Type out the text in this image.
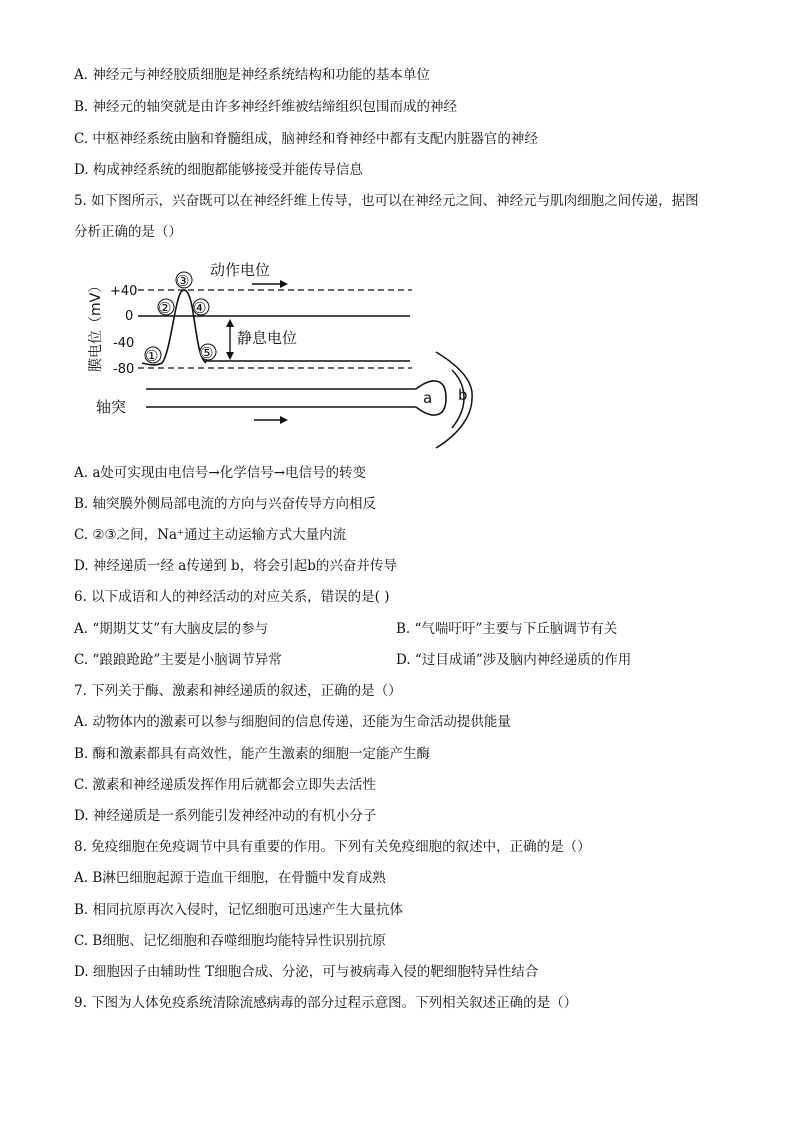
A. 神经元与神经胶质细胞是神经系统结构和功能的基本单位
B. 神经元的轴突就是由许多神经纤维被结缔组织包围而成的神经
C. 中枢神经系统由脑和脊髓组成，脑神经和脊神经中都有支配内脏器官的神经
D. 构成神经系统的细胞都能够接受并能传导信息
5. 如下图所示，兴奋既可以在神经纤维上传导，也可以在神经元之间、神经元与肌肉细胞之间传递，据图
分析正确的是（）
膜电位（mV） +40
0
-40
-80
①
②
③
④
⑤
动作电位
静息电位
a b
轴突
A. a处可实现由电信号→化学信号→电信号的转变
B. 轴突膜外侧局部电流的方向与兴奋传导方向相反
C. ②③之间，Na⁺通过主动运输方式大量内流
D. 神经递质一经 a传递到 b，将会引起b的兴奋并传导
6. 以下成语和人的神经活动的对应关系，错误的是( )
A. “期期艾艾”有大脑皮层的参与	B. “气喘吁吁”主要与下丘脑调节有关
C. “踉踉跄跄”主要是小脑调节异常	D. “过目成诵”涉及脑内神经递质的作用
7. 下列关于酶、激素和神经递质的叙述，正确的是（）
A. 动物体内的激素可以参与细胞间的信息传递，还能为生命活动提供能量
B. 酶和激素都具有高效性，能产生激素的细胞一定能产生酶
C. 激素和神经递质发挥作用后就都会立即失去活性
D. 神经递质是一系列能引发神经冲动的有机小分子
8. 免疫细胞在免疫调节中具有重要的作用。下列有关免疫细胞的叙述中，正确的是（）
A. B淋巴细胞起源于造血干细胞，在骨髓中发育成熟
B. 相同抗原再次入侵时，记忆细胞可迅速产生大量抗体
C. B细胞、记忆细胞和吞噬细胞均能特异性识别抗原
D. 细胞因子由辅助性 T细胞合成、分泌，可与被病毒入侵的靶细胞特异性结合
9. 下图为人体免疫系统清除流感病毒的部分过程示意图。下列相关叙述正确的是（）
